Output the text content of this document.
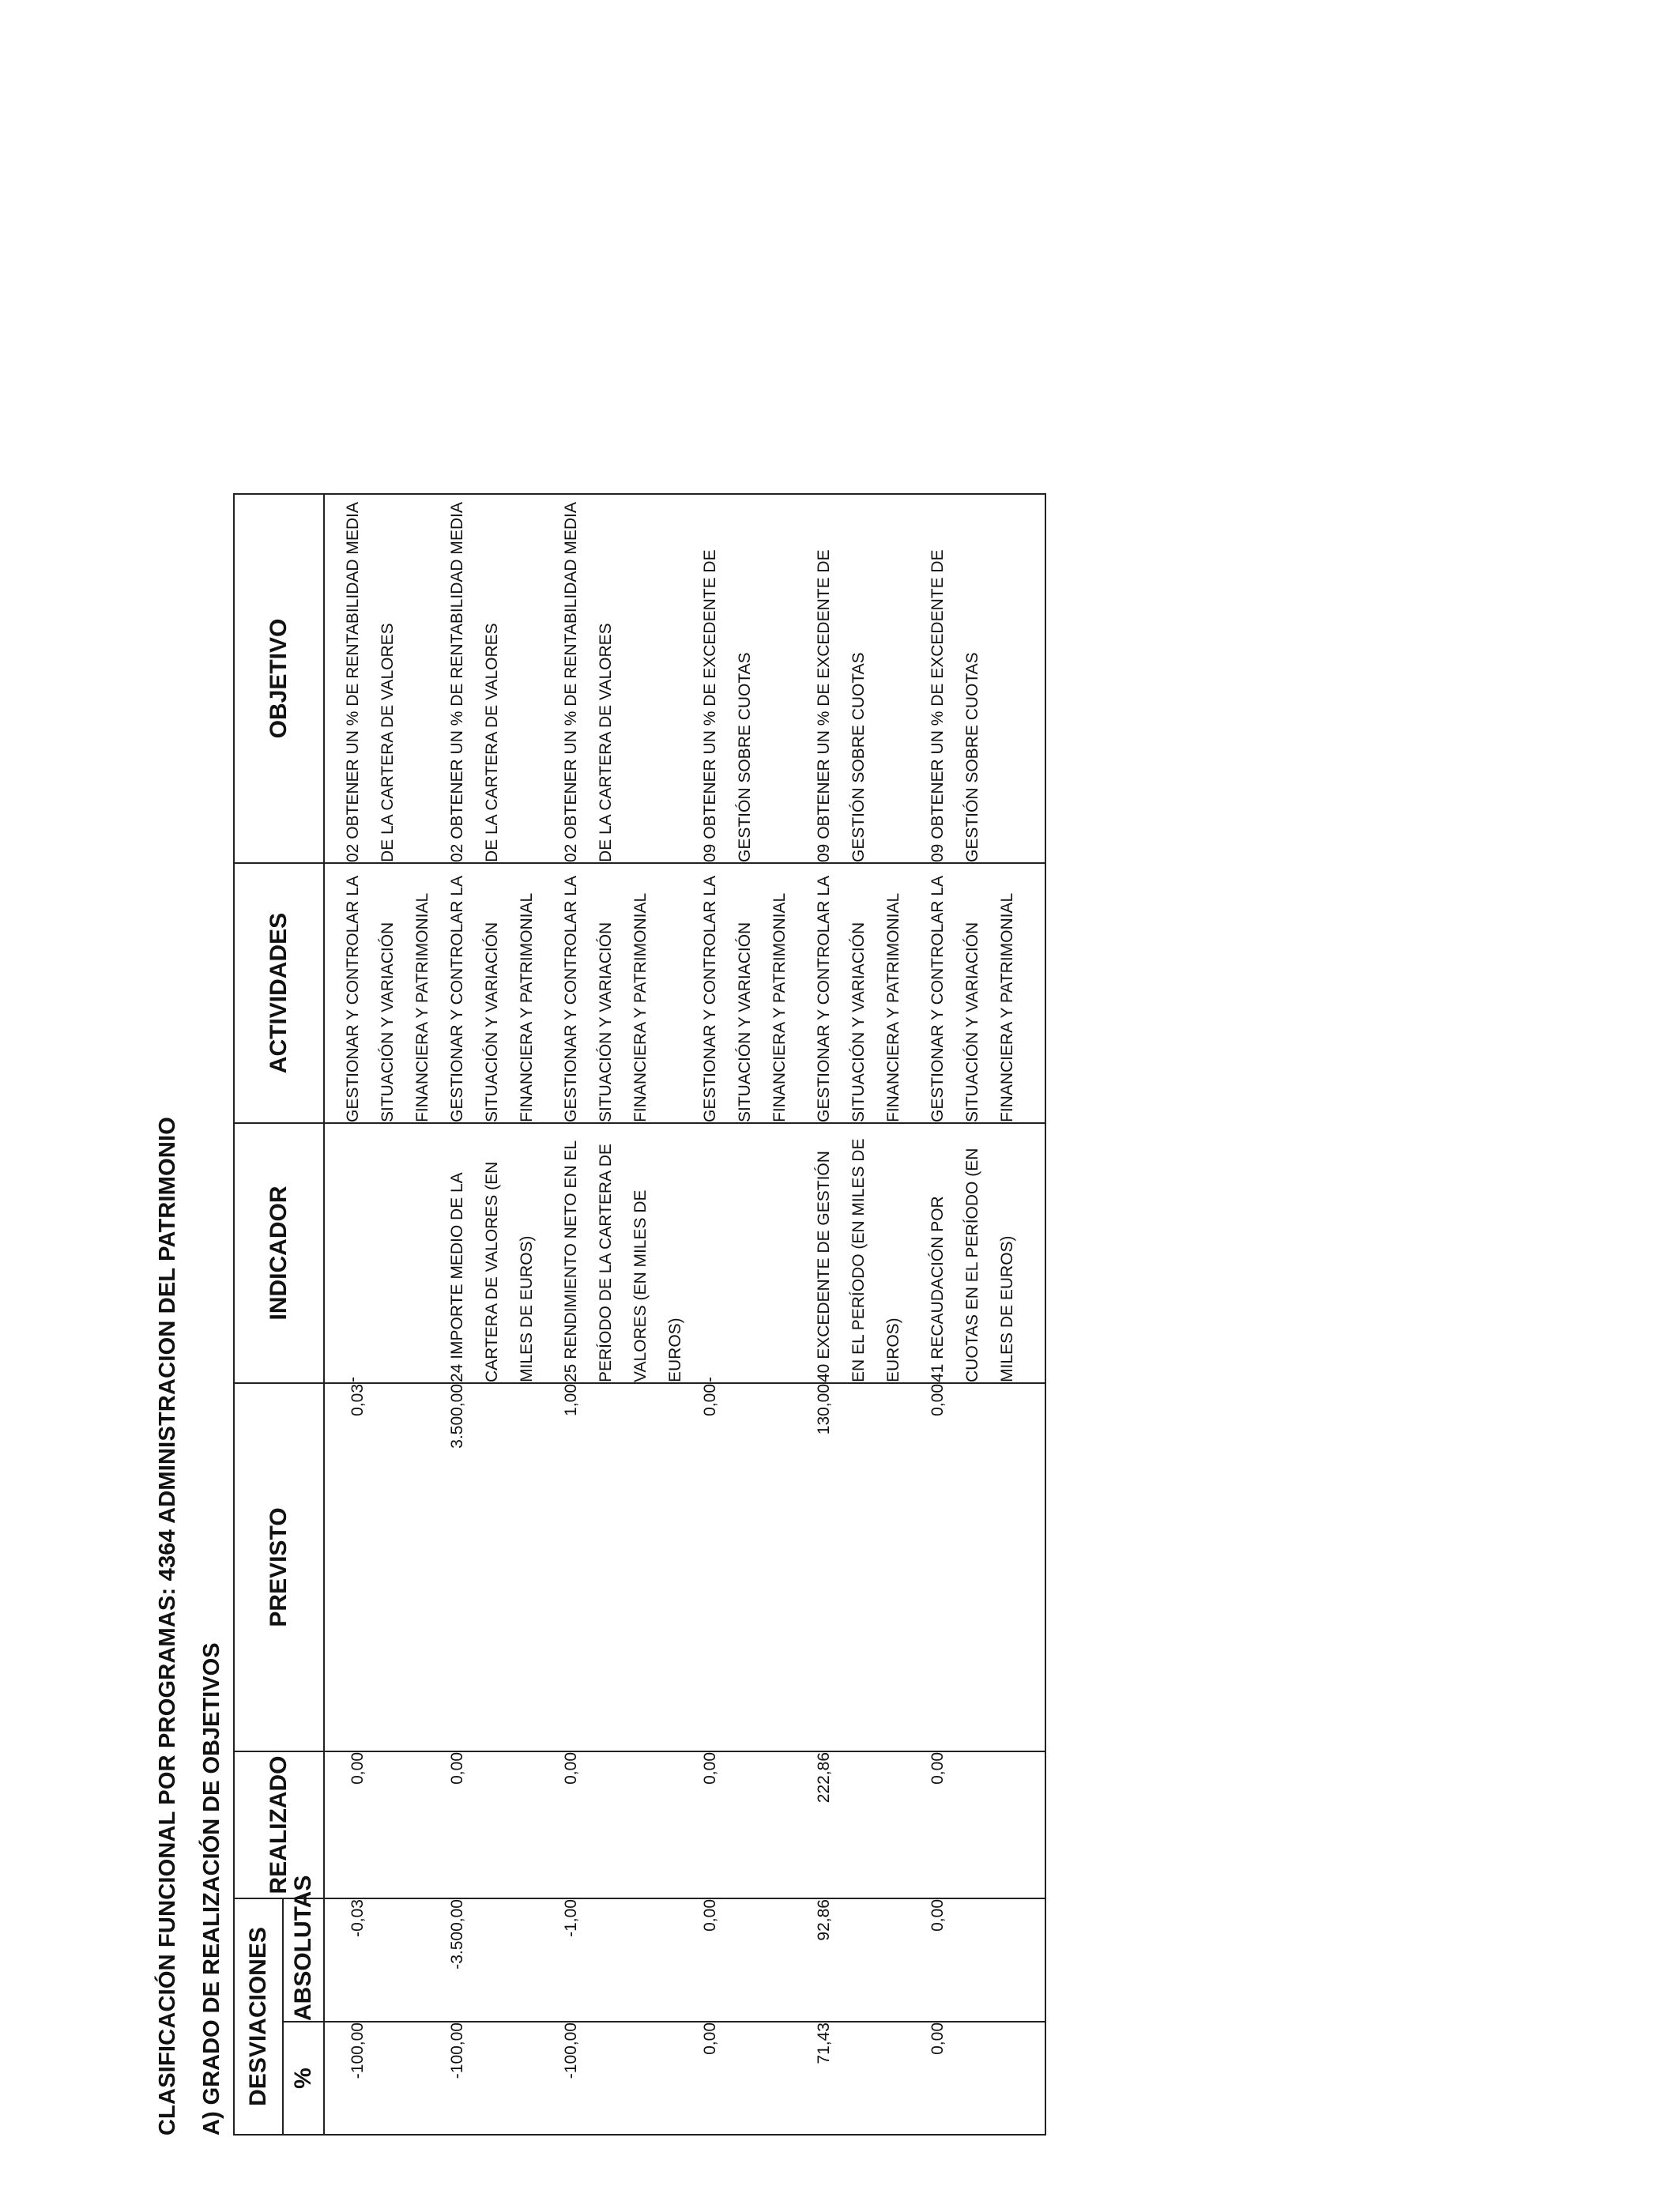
CLASIFICACIÓN FUNCIONAL POR PROGRAMAS: 4364 ADMINISTRACION DEL PATRIMONIO A) GRADO DE REALIZACIÓN DE OBJETIVOS DESVIACIONES		REALIZADO	PREVISTO	INDICADOR	ACTIVIDADES	OBJETIVO
%	ABSOLUTAS					
-100,00	-0,03	0,00	0,03	-	GESTIONAR Y CONTROLAR LA SITUACIÓN Y VARIACIÓN FINANCIERA Y PATRIMONIAL	02 OBTENER UN % DE RENTABILIDAD MEDIA DE LA CARTERA DE VALORES
-100,00	-3.500,00	0,00	3.500,00	24 IMPORTE MEDIO DE LA CARTERA DE VALORES (EN MILES DE EUROS)	GESTIONAR Y CONTROLAR LA SITUACIÓN Y VARIACIÓN FINANCIERA Y PATRIMONIAL	02 OBTENER UN % DE RENTABILIDAD MEDIA DE LA CARTERA DE VALORES
-100,00	-1,00	0,00	1,00	25 RENDIMIENTO NETO EN EL PERÍODO DE LA CARTERA DE VALORES (EN MILES DE EUROS)	GESTIONAR Y CONTROLAR LA SITUACIÓN Y VARIACIÓN FINANCIERA Y PATRIMONIAL	02 OBTENER UN % DE RENTABILIDAD MEDIA DE LA CARTERA DE VALORES
0,00	0,00	0,00	0,00	-	GESTIONAR Y CONTROLAR LA SITUACIÓN Y VARIACIÓN FINANCIERA Y PATRIMONIAL	09 OBTENER UN % DE EXCEDENTE DE GESTIÓN SOBRE CUOTAS
71,43	92,86	222,86	130,00	40 EXCEDENTE DE GESTIÓN EN EL PERÍODO (EN MILES DE EUROS)	GESTIONAR Y CONTROLAR LA SITUACIÓN Y VARIACIÓN FINANCIERA Y PATRIMONIAL	09 OBTENER UN % DE EXCEDENTE DE GESTIÓN SOBRE CUOTAS
0,00	0,00	0,00	0,00	41 RECAUDACIÓN POR CUOTAS EN EL PERÍODO (EN MILES DE EUROS)	GESTIONAR Y CONTROLAR LA SITUACIÓN Y VARIACIÓN FINANCIERA Y PATRIMONIAL	09 OBTENER UN % DE EXCEDENTE DE GESTIÓN SOBRE CUOTAS
